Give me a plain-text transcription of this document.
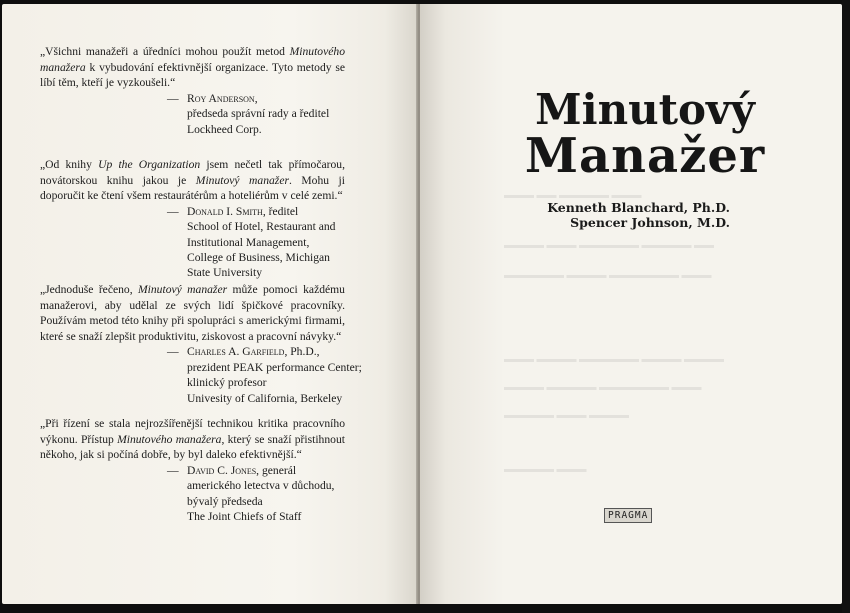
„Všichni manažeři a úředníci mohou použít metod Minutového manažera k vybudování efektivnější organizace. Tyto metody se líbí těm, kteří je vyzkoušeli.“

— Roy Anderson,
předseda správní rady a ředitel
Lockheed Corp.

„Od knihy Up the Organization jsem nečetl tak přímočarou, novátorskou knihu jakou je Minutový manažer. Mohu ji doporučit ke čtení všem restaurátérům a hoteliérům v celé zemi.“

— Donald I. Smith, ředitel
School of Hotel, Restaurant and
Institutional Management,
College of Business, Michigan
State University

„Jednoduše řečeno, Minutový manažer může pomoci každému manažerovi, aby udělal ze svých lidí špičkové pracovníky. Používám metod této knihy při spolupráci s americkými firmami, které se snaží zlepšit produktivitu, ziskovost a pracovní návyky.“

— Charles A. Garfield, Ph.D.,
prezident PEAK performance Center;
klinický profesor
Univesity of California, Berkeley

„Při řízení se stala nejrozšířenější technikou kritika pracovního výkonu. Přístup Minutového manažera, který se snaží přistihnout někoho, jak si počíná dobře, by byl daleko efektivnější.“

— David C. Jones, generál
amerického letectva v důchodu,
bývalý předseda
The Joint Chiefs of Staff
▬▬▬ ▬▬ ▬▬▬▬▬ ▬▬▬
▬▬▬▬ ▬▬▬ ▬▬▬▬▬▬ ▬▬▬▬▬ ▬▬
▬▬▬▬▬▬ ▬▬▬▬ ▬▬▬▬▬▬▬ ▬▬▬
▬▬▬ ▬▬▬▬ ▬▬▬▬▬▬ ▬▬▬▬ ▬▬▬▬
▬▬▬▬ ▬▬▬▬▬ ▬▬▬▬▬▬▬ ▬▬▬
▬▬▬▬▬ ▬▬▬ ▬▬▬▬
▬▬▬▬▬ ▬▬▬
Minutový
Manažer
Kenneth Blanchard, Ph.D.
Spencer Johnson, M.D.
PRAGMA
